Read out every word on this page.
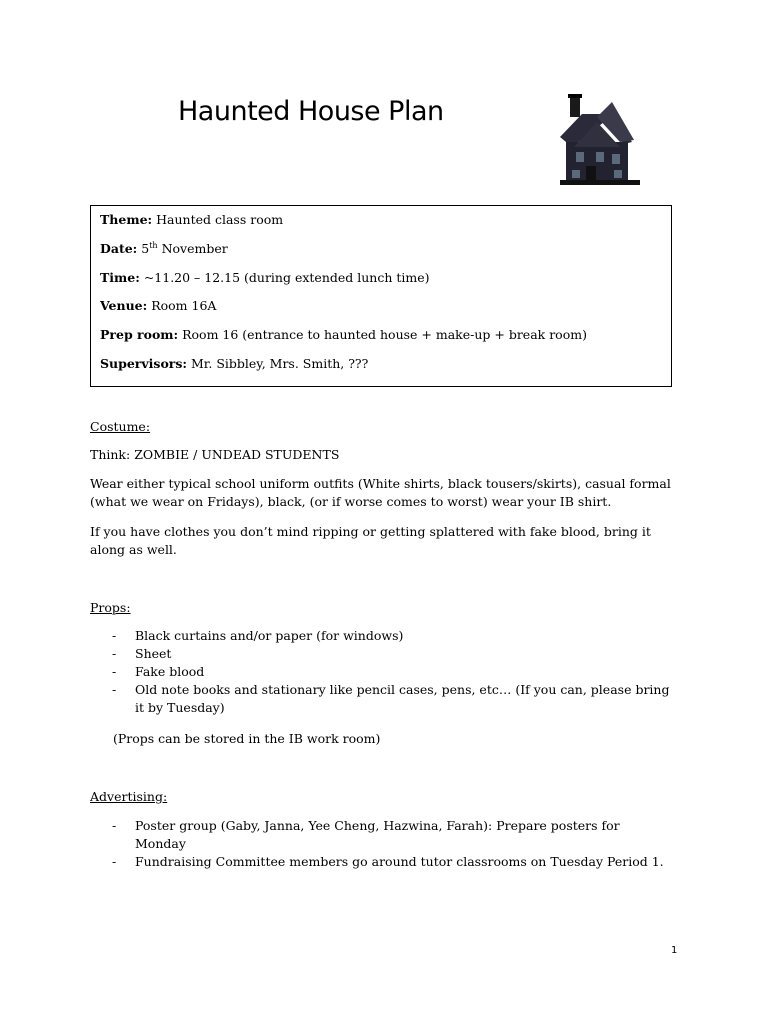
Haunted House Plan
Theme: Haunted class room
Date: 5th November
Time: ~11.20 – 12.15 (during extended lunch time)
Venue: Room 16A
Prep room: Room 16 (entrance to haunted house + make-up + break room)
Supervisors: Mr. Sibbley, Mrs. Smith, ???
Costume:
Think: ZOMBIE / UNDEAD STUDENTS
Wear either typical school uniform outfits (White shirts, black tousers/skirts), casual formal
(what we wear on Fridays), black, (or if worse comes to worst) wear your IB shirt.
If you have clothes you don’t mind ripping or getting splattered with fake blood, bring it
along as well.
Props:
- Black curtains and/or paper (for windows)
- Sheet
- Fake blood
- Old note books and stationary like pencil cases, pens, etc… (If you can, please bring
it by Tuesday)
(Props can be stored in the IB work room)
Advertising:
- Poster group (Gaby, Janna, Yee Cheng, Hazwina, Farah): Prepare posters for
Monday
- Fundraising Committee members go around tutor classrooms on Tuesday Period 1.
1
